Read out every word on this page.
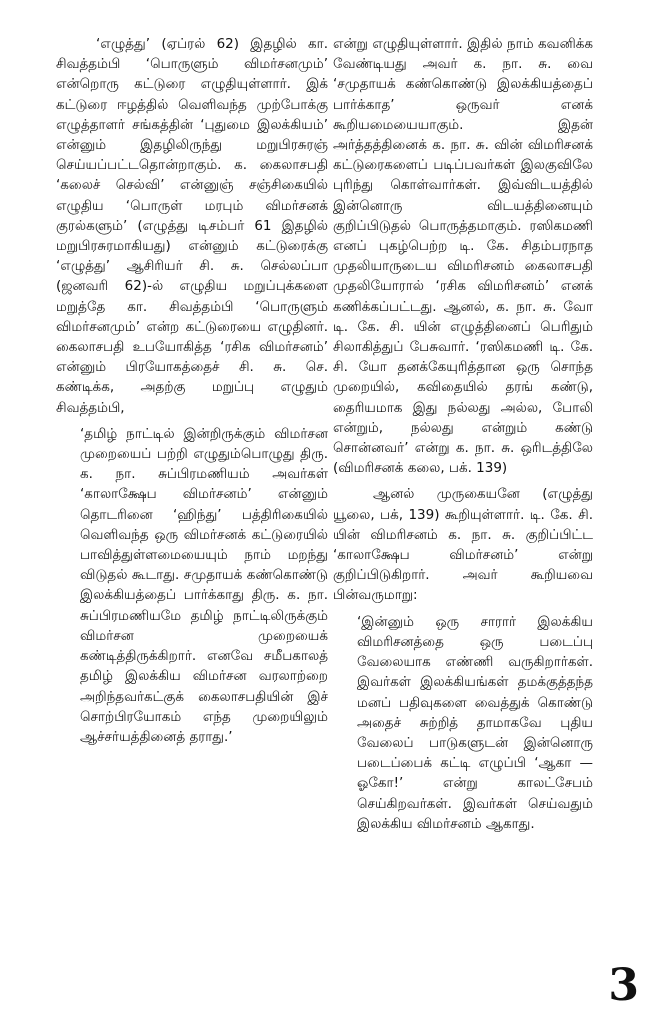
‘எழுத்து’ (ஏப்ரல் 62) இதழில் கா. சிவத்தம்பி ‘பொருளும் விமர்சனமும்’ என்றொரு கட்டுரை எழுதியுள்ளார். இக் கட்டுரை ஈழத்தில் வெளிவந்த முற்போக்கு எழுத்தாளர் சங்கத்தின் ‘புதுமை இலக்கியம்’ என்னும் இதழிலிருந்து மறுபிரசுரஞ் செய்யப்பட்டதொன்றாகும். க. கைலாசபதி ‘கலைச் செல்வி’ என்னுஞ் சஞ்சிகையில் எழுதிய ‘பொருள் மரபும் விமர்சனக் குரல்களும்’ (எழுத்து டிசம்பர் 61 இதழில் மறுபிரசுரமாகியது) என்னும் கட்டுரைக்கு ‘எழுத்து’ ஆசிரியர் சி. சு. செல்லப்பா (ஜனவரி 62)-ல் எழுதிய மறுப்புக்களை மறுத்தே கா. சிவத்தம்பி ‘பொருளும் விமர்சனமும்’ என்ற கட்டுரையை எழுதினர். கைலாசபதி உபயோகித்த ‘ரசிக விமர்சனம்’ என்னும் பிரயோகத்தைச் சி. சு. செ. கண்டிக்க, அதற்கு மறுப்பு எழுதும் சிவத்தம்பி,

‘தமிழ் நாட்டில் இன்றிருக்கும் விமர்சன முறையைப் பற்றி எழுதும்பொழுது திரு. க. நா. சுப்பிரமணியம் அவர்கள் ‘காலாக்ஷேப விமர்சனம்’ என்னும் தொடரினை ‘ஹிந்து’ பத்திரிகையில் வெளிவந்த ஒரு விமர்சனக் கட்டுரையில் பாவித்துள்ளமையையும் நாம் மறந்து விடுதல் கூடாது. சமுதாயக் கண்கொண்டு இலக்கியத்தைப் பார்க்காது திரு. க. நா. சுப்பிரமணியமே தமிழ் நாட்டிலிருக்கும் விமர்சன முறையைக் கண்டித்திருக்கிறார். எனவே சமீபகாலத் தமிழ் இலக்கிய விமர்சன வரலாற்றை அறிந்தவர்கட்குக் கைலாசபதியின் இச் சொற்பிரயோகம் எந்த முறையிலும் ஆச்சர்யத்தினைத் தராது.’

என்று எழுதியுள்ளார். இதில் நாம் கவனிக்க வேண்டியது அவர் க. நா. சு. வை ‘சமுதாயக் கண்கொண்டு இலக்கியத்தைப் பார்க்காத’ ஒருவர் எனக் கூறியமையையாகும். இதன் அர்த்தத்தினைக் க. நா. சு. வின் விமரிசனக் கட்டுரைகளைப் படிப்பவர்கள் இலகுவிலே புரிந்து கொள்வார்கள். இவ்விடயத்தில் இன்னொரு விடயத்தினையும் குறிப்பிடுதல் பொருத்தமாகும். ரஸிகமணி எனப் புகழ்பெற்ற டி. கே. சிதம்பரநாத முதலியாருடைய விமரிசனம் கைலாசபதி முதலியோரால் ‘ரசிக விமரிசனம்’ எனக் கணிக்கப்பட்டது. ஆனல், க. நா. சு. வோ டி. கே. சி. யின் எழுத்தினைப் பெரிதும் சிலாகித்துப் பேசுவார். ‘ரஸிகமணி டி. கே. சி. யோ தனக்கேயுரித்தான ஒரு சொந்த முறையில், கவிதையில் தரங் கண்டு, தைரியமாக இது நல்லது அல்ல, போலி என்றும், நல்லது என்றும் கண்டு சொன்னவர்’ என்று க. நா. சு. ஒரிடத்திலே (விமரிசனக் கலை, பக். 139)

ஆனல் முருகையனே (எழுத்து யூலை, பக், 139) கூறியுள்ளார். டி. கே. சி. யின் விமரிசனம் க. நா. சு. குறிப்பிட்ட ‘காலாக்ஷேப விமர்சனம்’ என்று குறிப்பிடுகிறார். அவர் கூறியவை பின்வருமாறு:

‘இன்னும் ஒரு சாரார் இலக்கிய விமரிசனத்தை ஒரு படைப்பு வேலையாக எண்ணி வருகிறார்கள். இவர்கள் இலக்கியங்கள் தமக்குத்தந்த மனப் பதிவுகளை வைத்துக் கொண்டு அதைச் சுற்றித் தாமாகவே புதிய வேலைப் பாடுகளுடன் இன்னொரு படைப்பைக் கட்டி எழுப்பி ‘ஆகா — ஓகோ!’ என்று காலட்சேபம் செய்கிறவர்கள். இவர்கள் செய்வதும் இலக்கிய விமர்சனம் ஆகாது.

3
